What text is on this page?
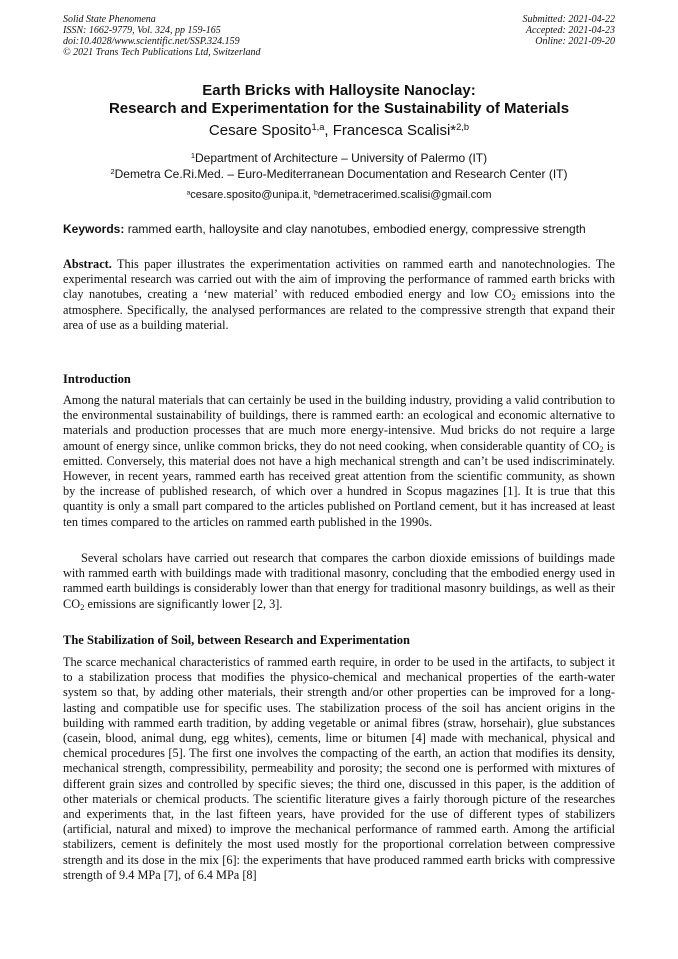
Solid State Phenomena
ISSN: 1662-9779, Vol. 324, pp 159-165
doi:10.4028/www.scientific.net/SSP.324.159
© 2021 Trans Tech Publications Ltd, Switzerland
Submitted: 2021-04-22
Accepted: 2021-04-23
Online: 2021-09-20
Earth Bricks with Halloysite Nanoclay:
Research and Experimentation for the Sustainability of Materials
Cesare Sposito$^{1,a}$, Francesca Scalisi*$^{2,b}$
$^1$Department of Architecture – University of Palermo (IT)
$^2$Demetra Ce.Ri.Med. – Euro-Mediterranean Documentation and Research Center (IT)
$^a$cesare.sposito@unipa.it, $^b$demetracerimed.scalisi@gmail.com
Keywords: rammed earth, halloysite and clay nanotubes, embodied energy, compressive strength
Abstract. This paper illustrates the experimentation activities on rammed earth and nanotechnologies. The experimental research was carried out with the aim of improving the performance of rammed earth bricks with clay nanotubes, creating a ‘new material’ with reduced embodied energy and low $CO_2$ emissions into the atmosphere. Specifically, the analysed performances are related to the compressive strength that expand their area of use as a building material.
Introduction
Among the natural materials that can certainly be used in the building industry, providing a valid contribution to the environmental sustainability of buildings, there is rammed earth: an ecological and economic alternative to materials and production processes that are much more energy-intensive. Mud bricks do not require a large amount of energy since, unlike common bricks, they do not need cooking, when considerable quantity of $CO_2$ is emitted. Conversely, this material does not have a high mechanical strength and can’t be used indiscriminately. However, in recent years, rammed earth has received great attention from the scientific community, as shown by the increase of published research, of which over a hundred in Scopus magazines [1]. It is true that this quantity is only a small part compared to the articles published on Portland cement, but it has increased at least ten times compared to the articles on rammed earth published in the 1990s.
Several scholars have carried out research that compares the carbon dioxide emissions of buildings made with rammed earth with buildings made with traditional masonry, concluding that the embodied energy used in rammed earth buildings is considerably lower than that energy for traditional masonry buildings, as well as their $CO_2$ emissions are significantly lower [2, 3].
The Stabilization of Soil, between Research and Experimentation
The scarce mechanical characteristics of rammed earth require, in order to be used in the artifacts, to subject it to a stabilization process that modifies the physico-chemical and mechanical properties of the earth-water system so that, by adding other materials, their strength and/or other properties can be improved for a long-lasting and compatible use for specific uses. The stabilization process of the soil has ancient origins in the building with rammed earth tradition, by adding vegetable or animal fibres (straw, horsehair), glue substances (casein, blood, animal dung, egg whites), cements, lime or bitumen [4] made with mechanical, physical and chemical procedures [5]. The first one involves the compacting of the earth, an action that modifies its density, mechanical strength, compressibility, permeability and porosity; the second one is performed with mixtures of different grain sizes and controlled by specific sieves; the third one, discussed in this paper, is the addition of other materials or chemical products. The scientific literature gives a fairly thorough picture of the researches and experiments that, in the last fifteen years, have provided for the use of different types of stabilizers (artificial, natural and mixed) to improve the mechanical performance of rammed earth. Among the artificial stabilizers, cement is definitely the most used mostly for the proportional correlation between compressive strength and its dose in the mix [6]: the experiments that have produced rammed earth bricks with compressive strength of 9.4 MPa [7], of 6.4 MPa [8]
